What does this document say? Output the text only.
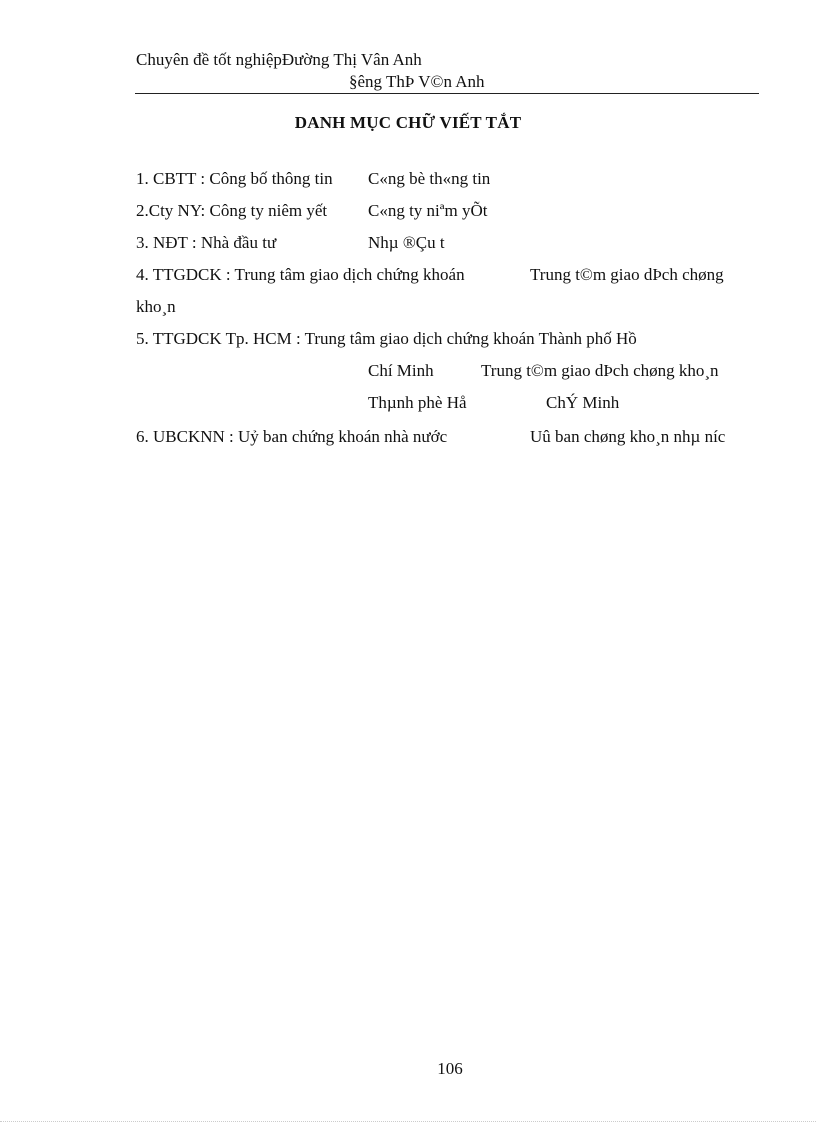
Chuyên đề tốt nghiệpĐường Thị Vân Anh
§êng ThÞ V©n Anh
DANH MỤC CHỮ VIẾT TẮT
1. CBTT : Công bố thông tin C«ng bè th«ng tin
2.Cty NY: Công ty niêm yết C«ng ty niªm yÕt
3. NĐT : Nhà đầu tư	Nhµ ®Çu t
4. TTGDCK : Trung tâm giao dịch chứng khoán	Trung t©m giao dÞch chøng
kho¸n
5. TTGDCK Tp. HCM : Trung tâm giao dịch chứng khoán Thành phố Hồ
Chí Minh	Trung t©m giao dÞch chøng kho¸n
Thµnh phè Hå	ChÝ Minh
6. UBCKNN : Uỷ ban chứng khoán nhà nước	Uû ban chøng kho¸n nhµ níc
106
